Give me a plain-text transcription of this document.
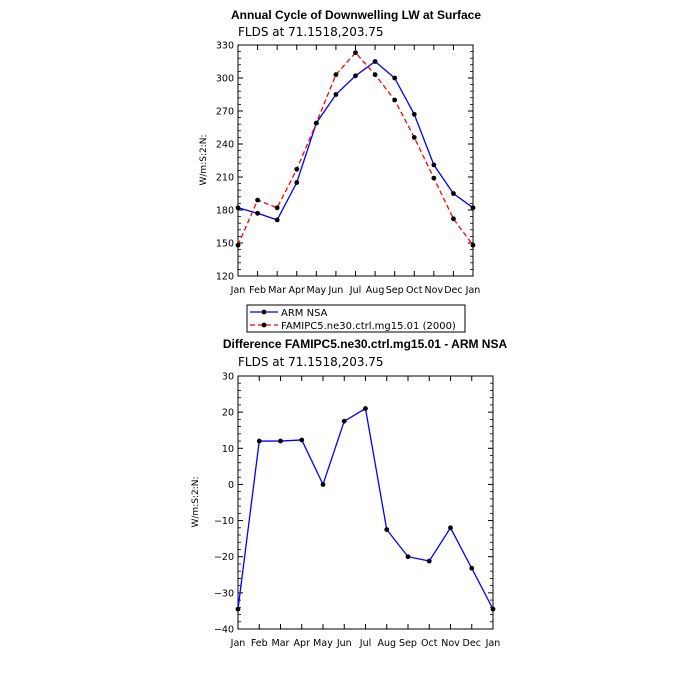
Annual Cycle of Downwelling LW at Surface
FLDS at 71.1518,203.75
W/m:S:2:N:
120
150
180
210
240
270
300
330
Jan Feb Mar Apr May Jun Jul Aug Sep Oct Nov Dec Jan
ARM NSA
FAMIPC5.ne30.ctrl.mg15.01 (2000)
Difference FAMIPC5.ne30.ctrl.mg15.01 - ARM NSA
FLDS at 71.1518,203.75
W/m:S:2:N:
−40
−30
−20
−10
0
10
20
30
Jan Feb Mar Apr May Jun Jul Aug Sep Oct Nov Dec Jan
